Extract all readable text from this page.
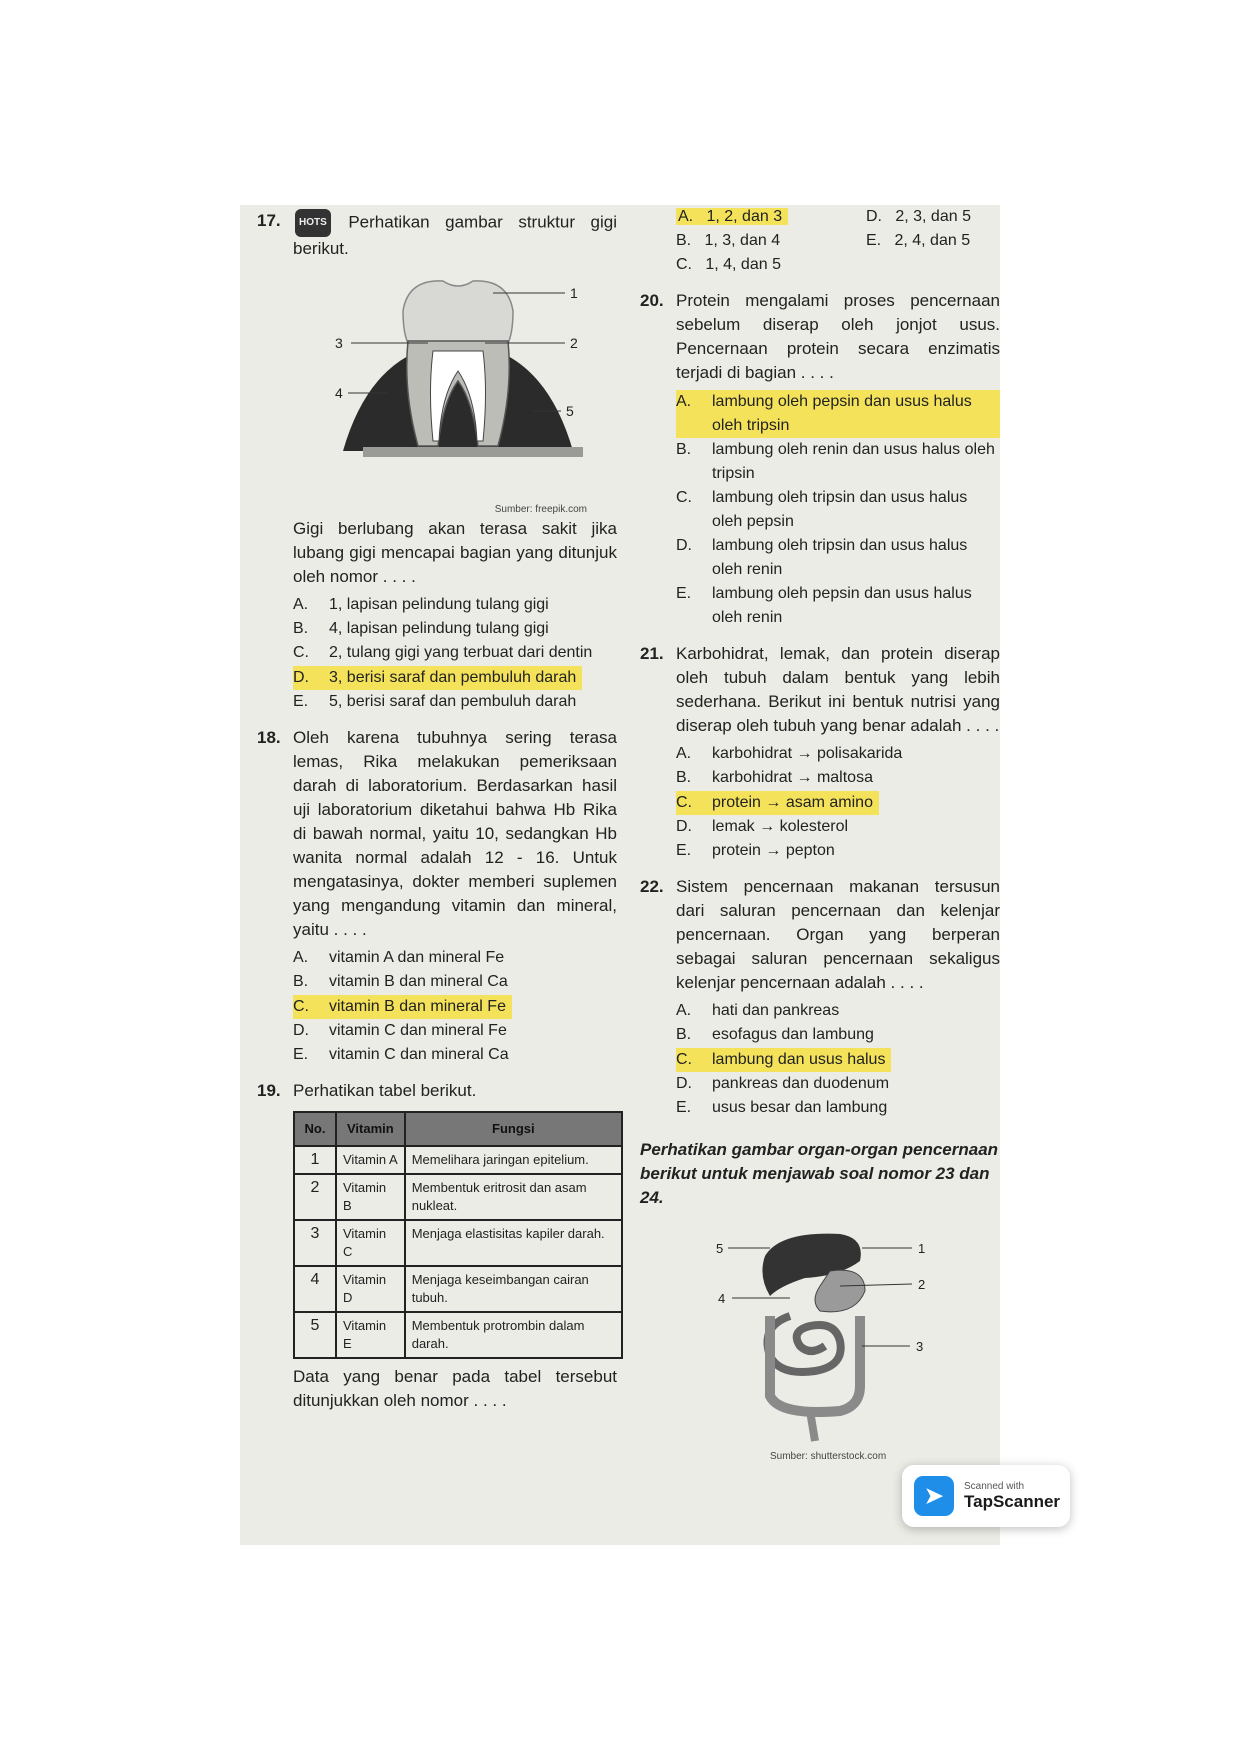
17.	HOTS Perhatikan gambar struktur gigi berikut.
1
2
3
4
5
Sumber: freepik.com
Gigi berlubang akan terasa sakit jika lubang gigi mencapai bagian yang ditunjuk oleh nomor . . . .
A.	1, lapisan pelindung tulang gigi
B.	4, lapisan pelindung tulang gigi
C.	2, tulang gigi yang terbuat dari dentin
D.	3, berisi saraf dan pembuluh darah
E.	5, berisi saraf dan pembuluh darah
18. Oleh karena tubuhnya sering terasa lemas, Rika melakukan pemeriksaan darah di laboratorium. Berdasarkan hasil uji laboratorium diketahui bahwa Hb Rika di bawah normal, yaitu 10, sedangkan Hb wanita normal adalah 12 - 16. Untuk mengatasinya, dokter memberi suplemen yang mengandung vitamin dan mineral, yaitu . . . .
A.	vitamin A dan mineral Fe
B.	vitamin B dan mineral Ca
C.	vitamin B dan mineral Fe
D.	vitamin C dan mineral Fe
E.	vitamin C dan mineral Ca
19. Perhatikan tabel berikut.
No.	Vitamin	Fungsi
1	Vitamin A	Memelihara jaringan epitelium.
2	Vitamin B	Membentuk eritrosit dan asam nukleat.
3	Vitamin C	Menjaga elastisitas kapiler darah.
4	Vitamin D	Menjaga keseimbangan cairan tubuh.
5	Vitamin E	Membentuk protrombin dalam darah.
Data yang benar pada tabel tersebut ditunjukkan oleh nomor . . . .
A. 1, 2, dan 3	D. 2, 3, dan 5
B. 1, 3, dan 4	E. 2, 4, dan 5
C. 1, 4, dan 5
20. Protein mengalami proses pencernaan sebelum diserap oleh jonjot usus. Pencernaan protein secara enzimatis terjadi di bagian . . . .
A.	lambung oleh pepsin dan usus halus oleh tripsin
B.	lambung oleh renin dan usus halus oleh tripsin
C.	lambung oleh tripsin dan usus halus oleh pepsin
D.	lambung oleh tripsin dan usus halus oleh renin
E.	lambung oleh pepsin dan usus halus oleh renin
21. Karbohidrat, lemak, dan protein diserap oleh tubuh dalam bentuk yang lebih sederhana. Berikut ini bentuk nutrisi yang diserap oleh tubuh yang benar adalah . . . .
A.	karbohidrat → polisakarida
B.	karbohidrat → maltosa
C.	protein → asam amino
D.	lemak → kolesterol
E.	protein → pepton
22. Sistem pencernaan makanan tersusun dari saluran pencernaan dan kelenjar pencernaan. Organ yang berperan sebagai saluran pencernaan sekaligus kelenjar pencernaan adalah . . . .
A.	hati dan pankreas
B.	esofagus dan lambung
C.	lambung dan usus halus
D.	pankreas dan duodenum
E.	usus besar dan lambung
Perhatikan gambar organ-organ pencernaan berikut untuk menjawab soal nomor 23 dan 24.
1
2
3
4
5
Sumber: shutterstock.com
➤	Scanned with
TapScanner
